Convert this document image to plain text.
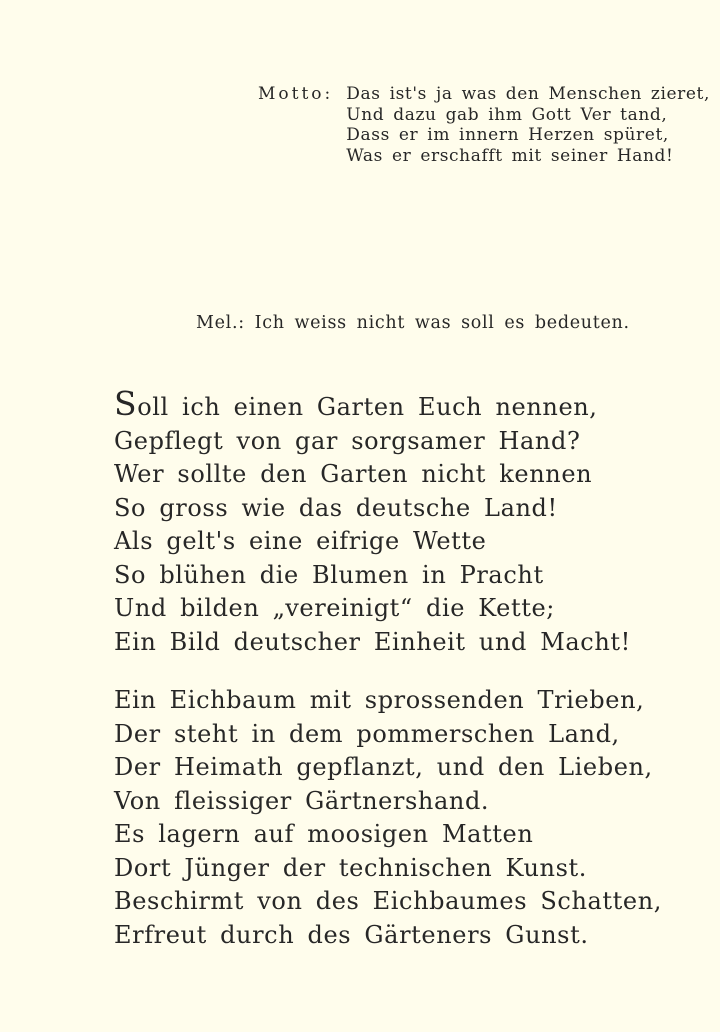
Motto: Das ist's ja was den Menschen zieret,
Und dazu gab ihm Gott Ver tand,
Dass er im innern Herzen spüret,
Was er erschafft mit seiner Hand!
Mel.: Ich weiss nicht was soll es bedeuten.
Soll ich einen Garten Euch nennen,
Gepflegt von gar sorgsamer Hand?
Wer sollte den Garten nicht kennen
So gross wie das deutsche Land!
Als gelt's eine eifrige Wette
So blühen die Blumen in Pracht
Und bilden „vereinigt“ die Kette;
Ein Bild deutscher Einheit und Macht!
Ein Eichbaum mit sprossenden Trieben,
Der steht in dem pommerschen Land,
Der Heimath gepflanzt, und den Lieben,
Von fleissiger Gärtnershand.
Es lagern auf moosigen Matten
Dort Jünger der technischen Kunst.
Beschirmt von des Eichbaumes Schatten,
Erfreut durch des Gärteners Gunst.
